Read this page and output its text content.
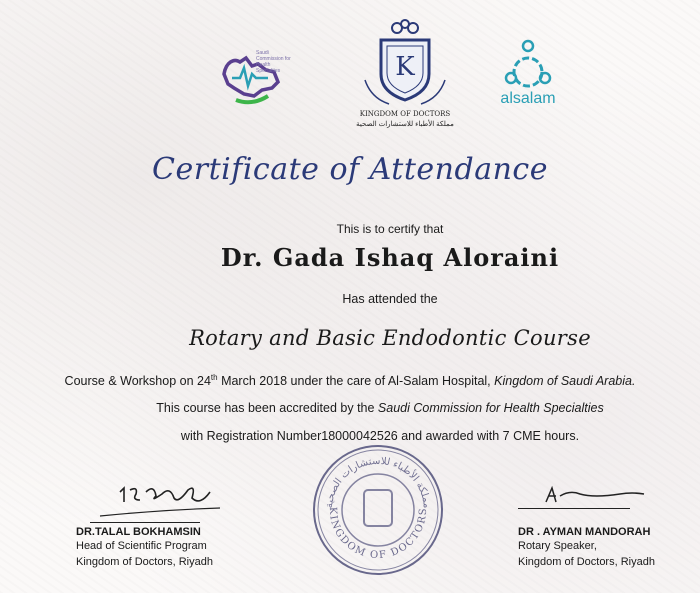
Saudi Commission for Health Specialties	K
KINGDOM OF DOCTORS
مملكة الأطباء للاستشارات الصحية
alsalam
Certificate of Attendance
This is to certify that
Dr. Gada Ishaq Aloraini
Has attended the
Rotary and Basic Endodontic Course
Course & Workshop on 24th March 2018 under the care of Al-Salam Hospital, Kingdom of Saudi Arabia.
This course has been accredited by the Saudi Commission for Health Specialties
with Registration Number18000042526 and awarded with 7 CME hours.
KINGDOM OF DOCTORS
مملكة الأطباء للاستشارات الصحية
DR.TALAL BOKHAMSIN
Head of Scientific Program
Kingdom of Doctors, Riyadh
DR . AYMAN MANDORAH
Rotary Speaker,
Kingdom of Doctors, Riyadh
